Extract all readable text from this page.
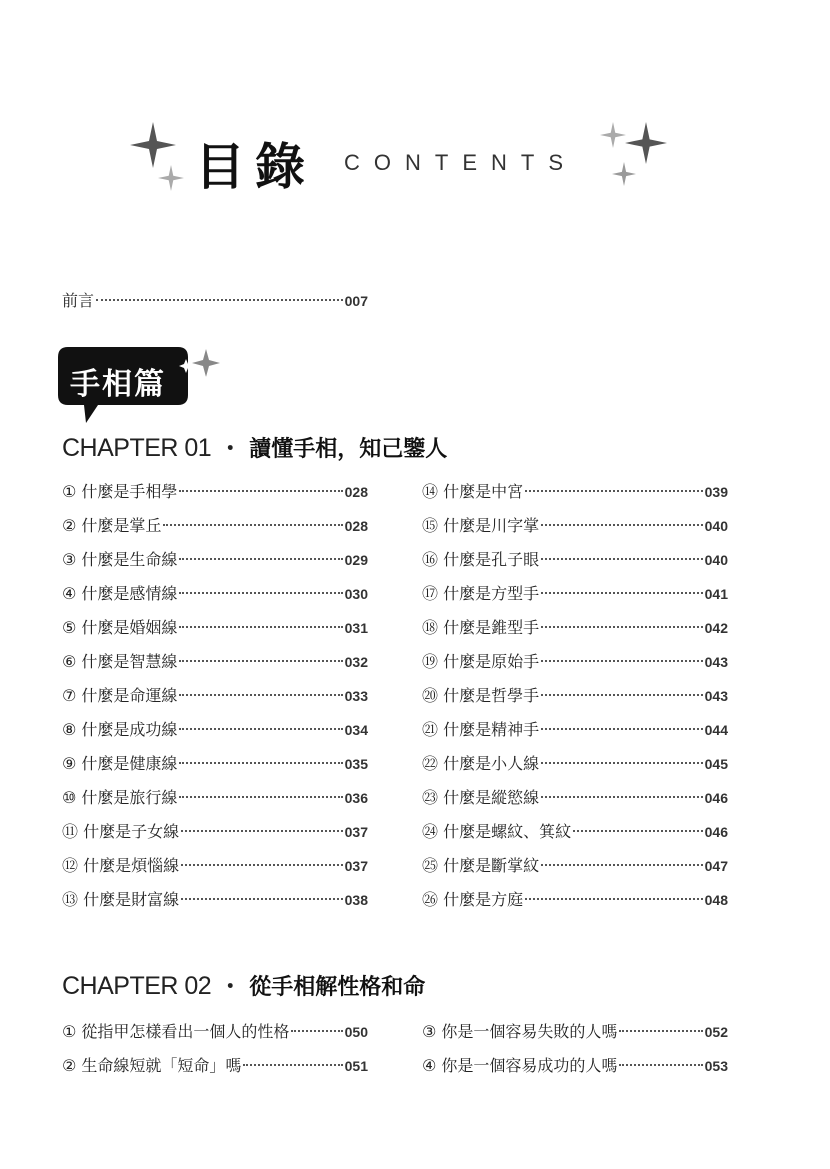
目錄 CONTENTS
前言	007
手相篇
CHAPTER 01 ・ 讀懂手相，知己鑒人
① 什麼是手相學	028
② 什麼是掌丘	028
③ 什麼是生命線	029
④ 什麼是感情線	030
⑤ 什麼是婚姻線	031
⑥ 什麼是智慧線	032
⑦ 什麼是命運線	033
⑧ 什麼是成功線	034
⑨ 什麼是健康線	035
⑩ 什麼是旅行線	036
⑪ 什麼是子女線	037
⑫ 什麼是煩惱線	037
⑬ 什麼是財富線	038
⑭ 什麼是中宮	039
⑮ 什麼是川字掌	040
⑯ 什麼是孔子眼	040
⑰ 什麼是方型手	041
⑱ 什麼是錐型手	042
⑲ 什麼是原始手	043
⑳ 什麼是哲學手	043
㉑ 什麼是精神手	044
㉒ 什麼是小人線	045
㉓ 什麼是縱慾線	046
㉔ 什麼是螺紋、箕紋	046
㉕ 什麼是斷掌紋	047
㉖ 什麼是方庭	048
CHAPTER 02 ・ 從手相解性格和命
① 從指甲怎樣看出一個人的性格	050
② 生命線短就「短命」嗎	051
③ 你是一個容易失敗的人嗎	052
④ 你是一個容易成功的人嗎	053
